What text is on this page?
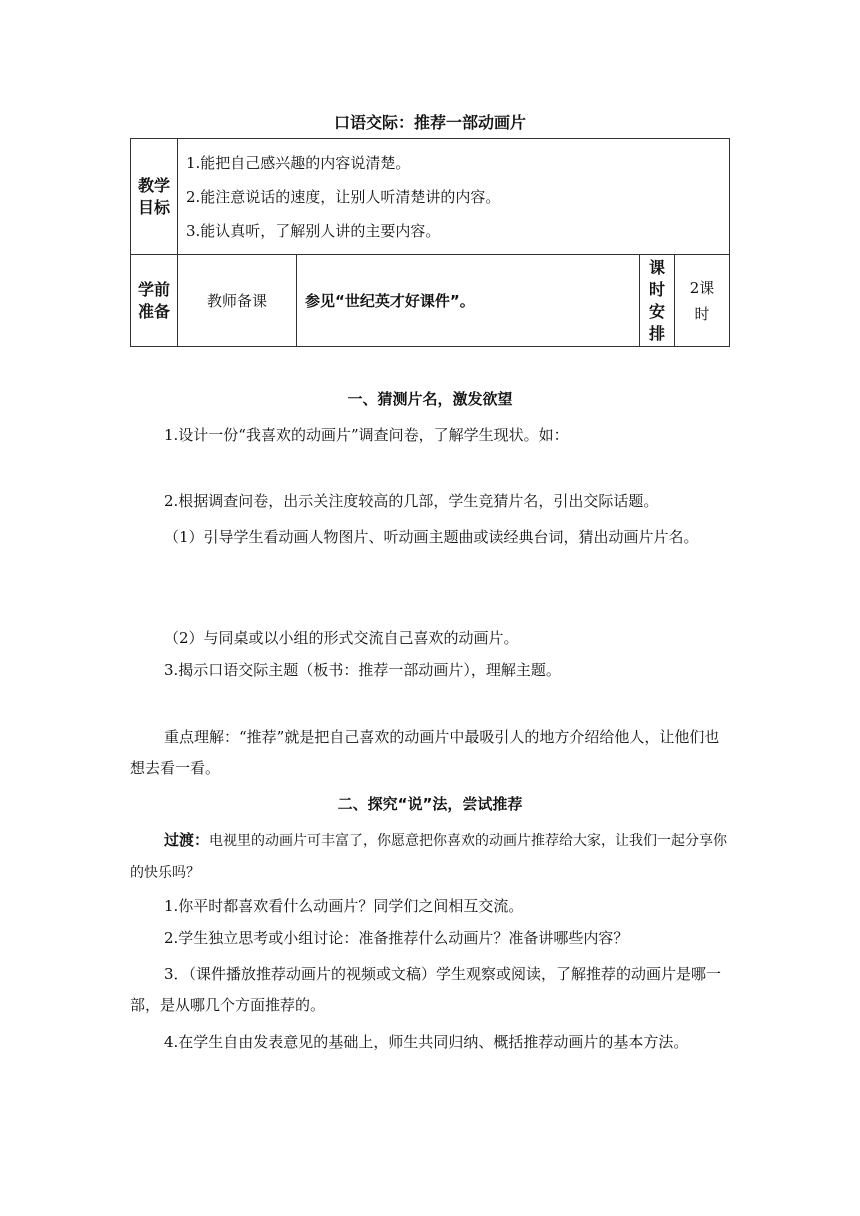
口语交际：推荐一部动画片
教学目标	1.能把自己感兴趣的内容说清楚。
2.能注意说话的速度，让别人听清楚讲的内容。
3.能认真听，了解别人讲的主要内容。			

学前准备	教师备课	参见“世纪英才好课件”。	课时安排	2课时
一、猜测片名，激发欲望
1.设计一份“我喜欢的动画片”调查问卷，了解学生现状。如：
2.根据调查问卷，出示关注度较高的几部，学生竞猜片名，引出交际话题。
（1）引导学生看动画人物图片、听动画主题曲或读经典台词，猜出动画片片名。
（2）与同桌或以小组的形式交流自己喜欢的动画片。
3.揭示口语交际主题（板书：推荐一部动画片），理解主题。
重点理解：“推荐”就是把自己喜欢的动画片中最吸引人的地方介绍给他人，让他们也想去看一看。
二、探究“说”法，尝试推荐
过渡：电视里的动画片可丰富了，你愿意把你喜欢的动画片推荐给大家，让我们一起分享你的快乐吗？
1.你平时都喜欢看什么动画片？同学们之间相互交流。
2.学生独立思考或小组讨论：准备推荐什么动画片？准备讲哪些内容？
3．（课件播放推荐动画片的视频或文稿）学生观察或阅读，了解推荐的动画片是哪一部，是从哪几个方面推荐的。
4.在学生自由发表意见的基础上，师生共同归纳、概括推荐动画片的基本方法。
